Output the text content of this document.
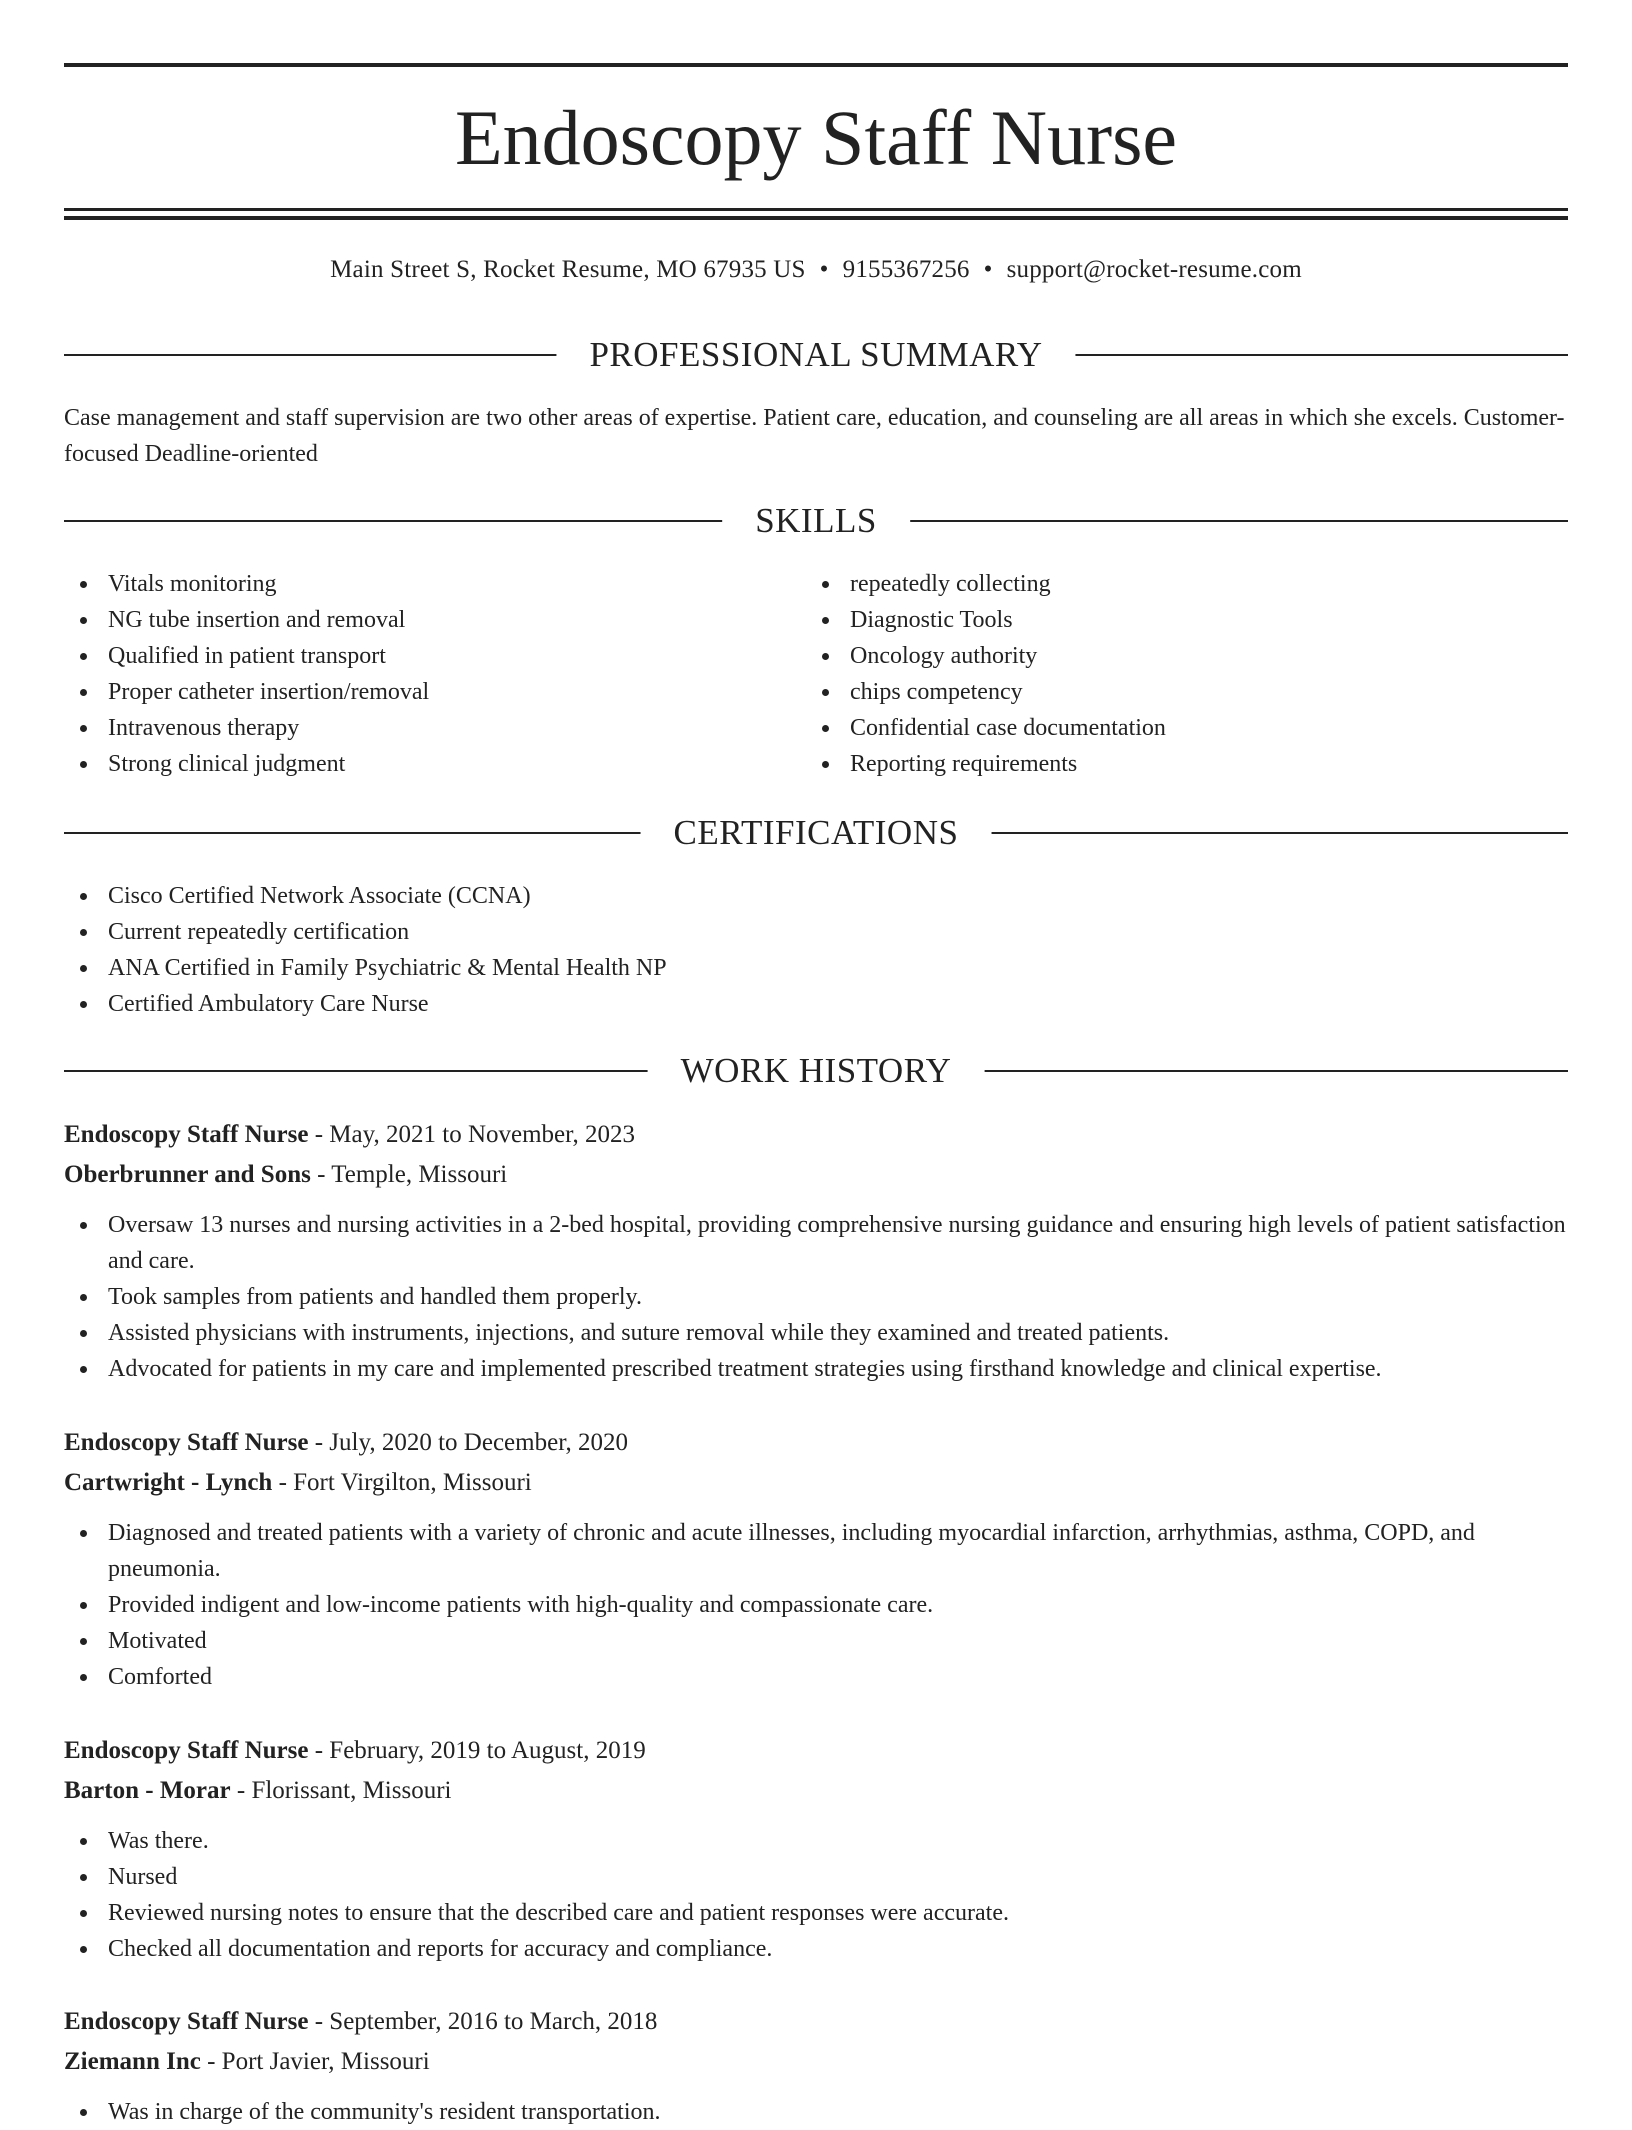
Endoscopy Staff Nurse
Main Street S, Rocket Resume, MO 67935 US • 9155367256 • support@rocket-resume.com
PROFESSIONAL SUMMARY
Case management and staff supervision are two other areas of expertise. Patient care, education, and counseling are all areas in which she excels. Customer-focused Deadline-oriented
SKILLS
Vitals monitoring
NG tube insertion and removal
Qualified in patient transport
Proper catheter insertion/removal
Intravenous therapy
Strong clinical judgment
repeatedly collecting
Diagnostic Tools
Oncology authority
chips competency
Confidential case documentation
Reporting requirements
CERTIFICATIONS
Cisco Certified Network Associate (CCNA)
Current repeatedly certification
ANA Certified in Family Psychiatric & Mental Health NP
Certified Ambulatory Care Nurse
WORK HISTORY
Endoscopy Staff Nurse - May, 2021 to November, 2023
Oberbrunner and Sons - Temple, Missouri
Oversaw 13 nurses and nursing activities in a 2-bed hospital, providing comprehensive nursing guidance and ensuring high levels of patient satisfaction and care.
Took samples from patients and handled them properly.
Assisted physicians with instruments, injections, and suture removal while they examined and treated patients.
Advocated for patients in my care and implemented prescribed treatment strategies using firsthand knowledge and clinical expertise.
Endoscopy Staff Nurse - July, 2020 to December, 2020
Cartwright - Lynch - Fort Virgilton, Missouri
Diagnosed and treated patients with a variety of chronic and acute illnesses, including myocardial infarction, arrhythmias, asthma, COPD, and pneumonia.
Provided indigent and low-income patients with high-quality and compassionate care.
Motivated
Comforted
Endoscopy Staff Nurse - February, 2019 to August, 2019
Barton - Morar - Florissant, Missouri
Was there.
Nursed
Reviewed nursing notes to ensure that the described care and patient responses were accurate.
Checked all documentation and reports for accuracy and compliance.
Endoscopy Staff Nurse - September, 2016 to March, 2018
Ziemann Inc - Port Javier, Missouri
Was in charge of the community's resident transportation.
